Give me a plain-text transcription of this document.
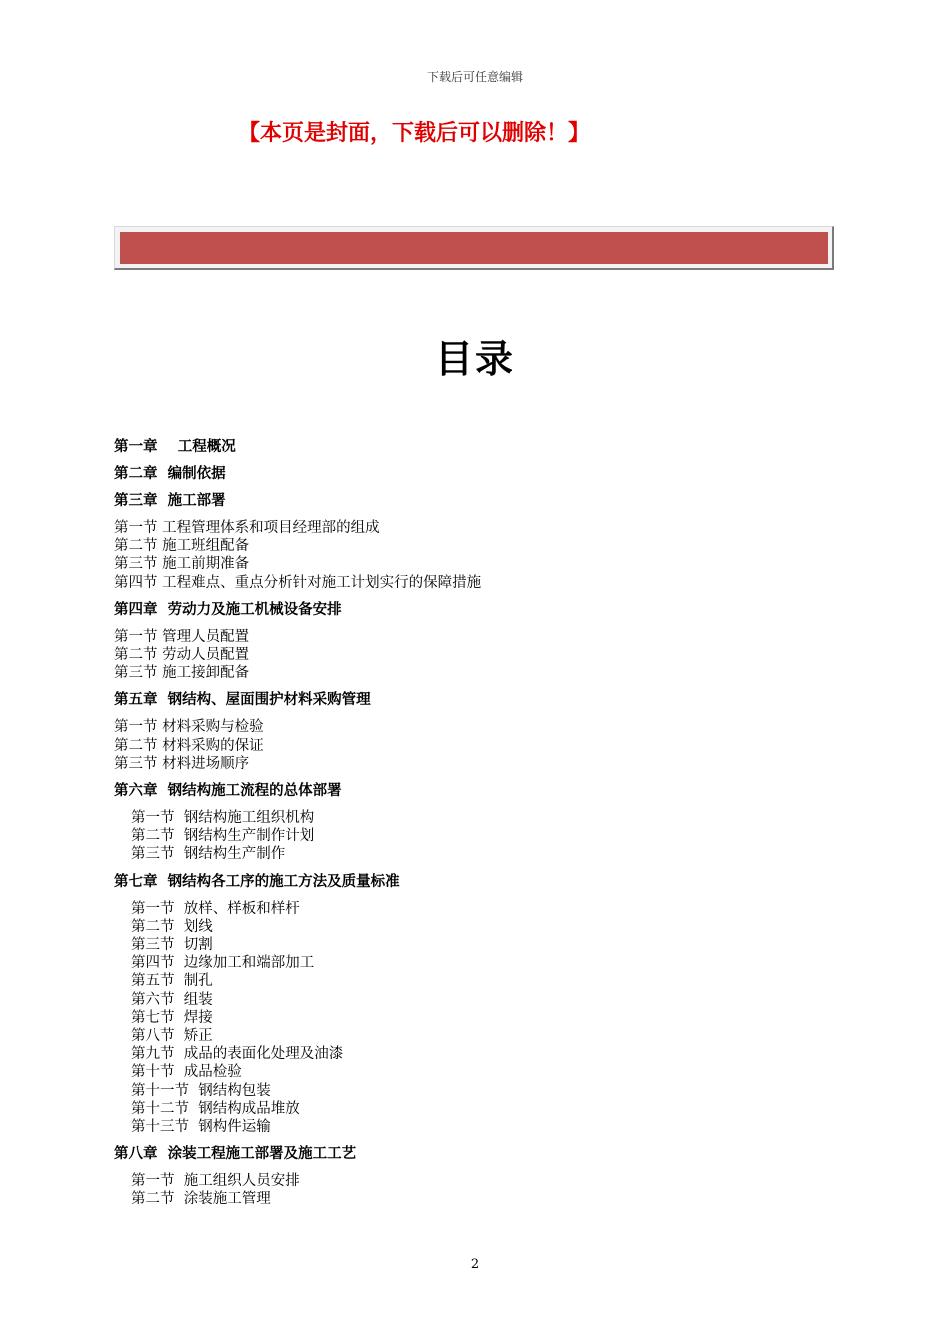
下载后可任意编辑
【本页是封面，下载后可以删除！】
目录
第一章    工程概况
第二章  编制依据
第三章  施工部署
第一节 工程管理体系和项目经理部的组成
第二节 施工班组配备
第三节 施工前期准备
第四节 工程难点、重点分析针对施工计划实行的保障措施
第四章  劳动力及施工机械设备安排
第一节 管理人员配置
第二节 劳动人员配置
第三节 施工接卸配备
第五章  钢结构、屋面围护材料采购管理
第一节 材料采购与检验
第二节 材料采购的保证
第三节 材料进场顺序
第六章  钢结构施工流程的总体部署
第一节  钢结构施工组织机构
第二节  钢结构生产制作计划
第三节  钢结构生产制作
第七章  钢结构各工序的施工方法及质量标准
第一节  放样、样板和样杆
第二节  划线
第三节  切割
第四节  边缘加工和端部加工
第五节  制孔
第六节  组装
第七节  焊接
第八节  矫正
第九节  成品的表面化处理及油漆
第十节  成品检验
第十一节  钢结构包装
第十二节  钢结构成品堆放
第十三节  钢构件运输
第八章  涂装工程施工部署及施工工艺
第一节  施工组织人员安排
第二节  涂装施工管理
2
